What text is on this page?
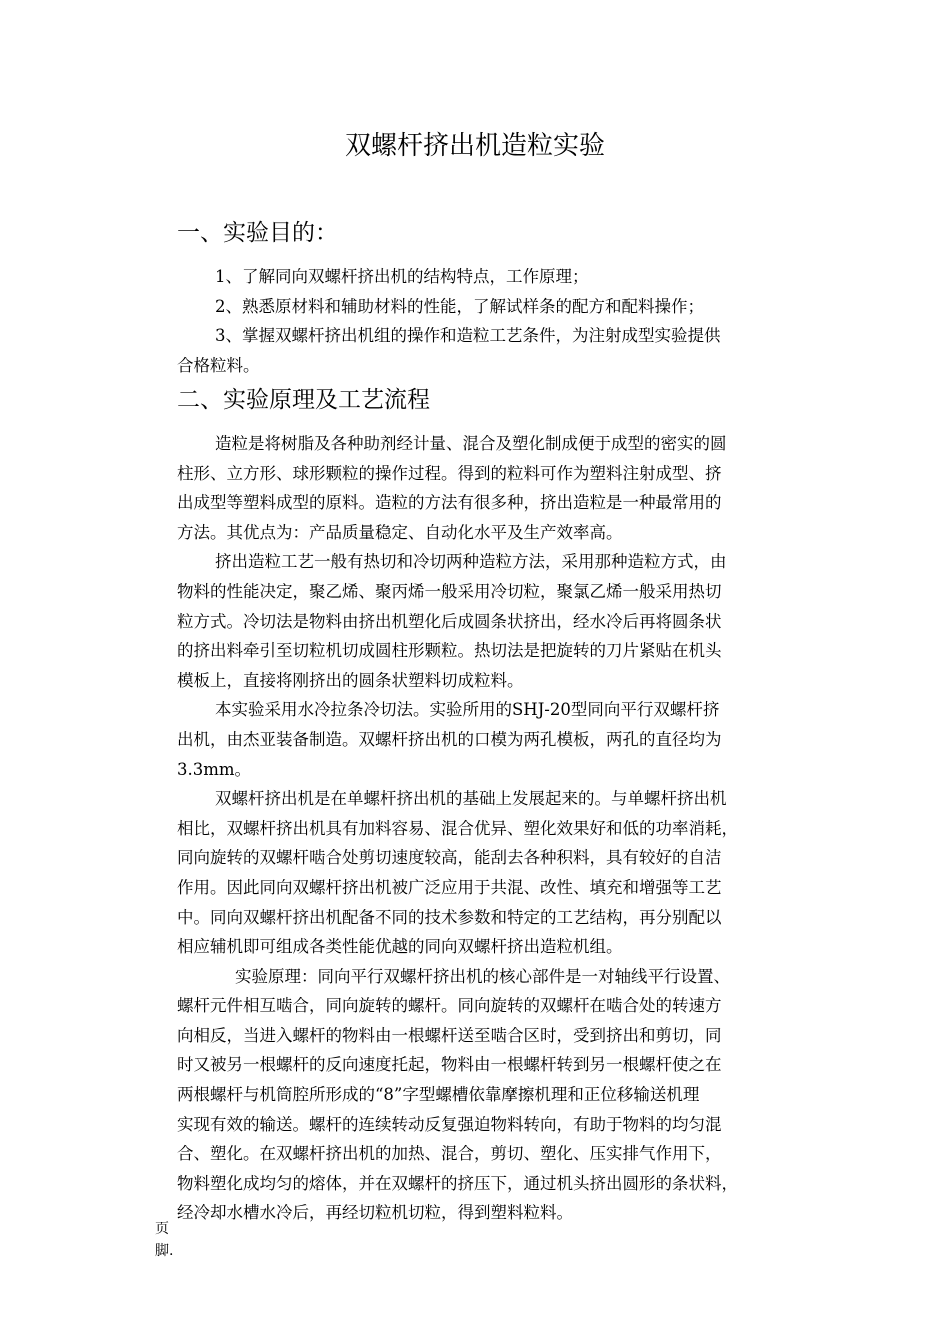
双螺杆挤出机造粒实验
一、实验目的：
1、了解同向双螺杆挤出机的结构特点，工作原理；
2、熟悉原材料和辅助材料的性能，了解试样条的配方和配料操作；
3、掌握双螺杆挤出机组的操作和造粒工艺条件，为注射成型实验提供
合格粒料。
二、实验原理及工艺流程
造粒是将树脂及各种助剂经计量、混合及塑化制成便于成型的密实的圆
柱形、立方形、球形颗粒的操作过程。得到的粒料可作为塑料注射成型、挤
出成型等塑料成型的原料。造粒的方法有很多种，挤出造粒是一种最常用的
方法。其优点为：产品质量稳定、自动化水平及生产效率高。
挤出造粒工艺一般有热切和冷切两种造粒方法，采用那种造粒方式，由
物料的性能决定，聚乙烯、聚丙烯一般采用冷切粒，聚氯乙烯一般采用热切
粒方式。冷切法是物料由挤出机塑化后成圆条状挤出，经水冷后再将圆条状
的挤出料牵引至切粒机切成圆柱形颗粒。热切法是把旋转的刀片紧贴在机头
模板上，直接将刚挤出的圆条状塑料切成粒料。
本实验采用水冷拉条冷切法。实验所用的SHJ-20型同向平行双螺杆挤
出机，由杰亚装备制造。双螺杆挤出机的口模为两孔模板，两孔的直径均为
3.3mm。
双螺杆挤出机是在单螺杆挤出机的基础上发展起来的。与单螺杆挤出机
相比，双螺杆挤出机具有加料容易、混合优异、塑化效果好和低的功率消耗，
同向旋转的双螺杆啮合处剪切速度较高，能刮去各种积料，具有较好的自洁
作用。因此同向双螺杆挤出机被广泛应用于共混、改性、填充和增强等工艺
中。同向双螺杆挤出机配备不同的技术参数和特定的工艺结构，再分别配以
相应辅机即可组成各类性能优越的同向双螺杆挤出造粒机组。
实验原理：同向平行双螺杆挤出机的核心部件是一对轴线平行设置、
螺杆元件相互啮合，同向旋转的螺杆。同向旋转的双螺杆在啮合处的转速方
向相反，当进入螺杆的物料由一根螺杆送至啮合区时，受到挤出和剪切，同
时又被另一根螺杆的反向速度托起，物料由一根螺杆转到另一根螺杆使之在
两根螺杆与机筒腔所形成的“8”字型螺槽依靠摩擦机理和正位移输送机理
实现有效的输送。螺杆的连续转动反复强迫物料转向，有助于物料的均匀混
合、塑化。在双螺杆挤出机的加热、混合，剪切、塑化、压实排气作用下，
物料塑化成均匀的熔体，并在双螺杆的挤压下，通过机头挤出圆形的条状料，
经冷却水槽水冷后，再经切粒机切粒，得到塑料粒料。
页
脚.
